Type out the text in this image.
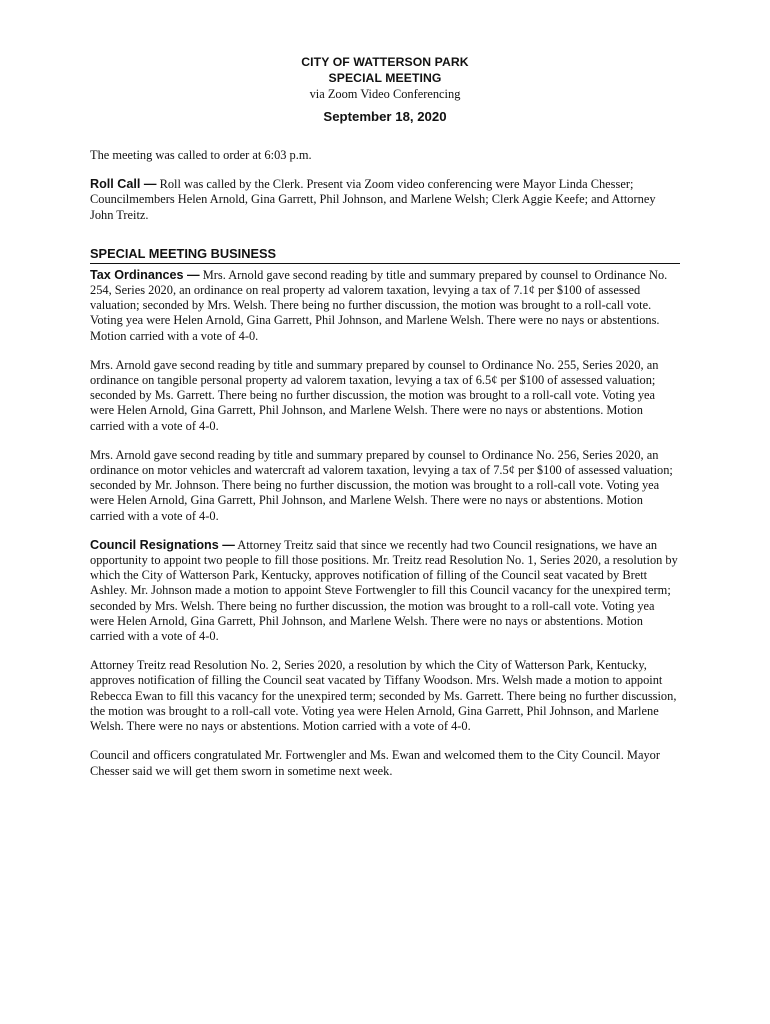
CITY OF WATTERSON PARK
SPECIAL MEETING
via Zoom Video Conferencing
September 18, 2020

The meeting was called to order at 6:03 p.m.

Roll Call — Roll was called by the Clerk. Present via Zoom video conferencing were Mayor Linda Chesser; Councilmembers Helen Arnold, Gina Garrett, Phil Johnson, and Marlene Welsh; Clerk Aggie Keefe; and Attorney John Treitz.

SPECIAL MEETING BUSINESS

Tax Ordinances — Mrs. Arnold gave second reading by title and summary prepared by counsel to Ordinance No. 254, Series 2020, an ordinance on real property ad valorem taxation, levying a tax of 7.1¢ per $100 of assessed valuation; seconded by Mrs. Welsh. There being no further discussion, the motion was brought to a roll-call vote. Voting yea were Helen Arnold, Gina Garrett, Phil Johnson, and Marlene Welsh. There were no nays or abstentions. Motion carried with a vote of 4-0.

Mrs. Arnold gave second reading by title and summary prepared by counsel to Ordinance No. 255, Series 2020, an ordinance on tangible personal property ad valorem taxation, levying a tax of 6.5¢ per $100 of assessed valuation; seconded by Ms. Garrett. There being no further discussion, the motion was brought to a roll-call vote. Voting yea were Helen Arnold, Gina Garrett, Phil Johnson, and Marlene Welsh. There were no nays or abstentions. Motion carried with a vote of 4-0.

Mrs. Arnold gave second reading by title and summary prepared by counsel to Ordinance No. 256, Series 2020, an ordinance on motor vehicles and watercraft ad valorem taxation, levying a tax of 7.5¢ per $100 of assessed valuation; seconded by Mr. Johnson. There being no further discussion, the motion was brought to a roll-call vote. Voting yea were Helen Arnold, Gina Garrett, Phil Johnson, and Marlene Welsh. There were no nays or abstentions. Motion carried with a vote of 4-0.

Council Resignations — Attorney Treitz said that since we recently had two Council resignations, we have an opportunity to appoint two people to fill those positions. Mr. Treitz read Resolution No. 1, Series 2020, a resolution by which the City of Watterson Park, Kentucky, approves notification of filling of the Council seat vacated by Brett Ashley. Mr. Johnson made a motion to appoint Steve Fortwengler to fill this Council vacancy for the unexpired term; seconded by Mrs. Welsh. There being no further discussion, the motion was brought to a roll-call vote. Voting yea were Helen Arnold, Gina Garrett, Phil Johnson, and Marlene Welsh. There were no nays or abstentions. Motion carried with a vote of 4-0.

Attorney Treitz read Resolution No. 2, Series 2020, a resolution by which the City of Watterson Park, Kentucky, approves notification of filling the Council seat vacated by Tiffany Woodson. Mrs. Welsh made a motion to appoint Rebecca Ewan to fill this vacancy for the unexpired term; seconded by Ms. Garrett. There being no further discussion, the motion was brought to a roll-call vote. Voting yea were Helen Arnold, Gina Garrett, Phil Johnson, and Marlene Welsh. There were no nays or abstentions. Motion carried with a vote of 4-0.

Council and officers congratulated Mr. Fortwengler and Ms. Ewan and welcomed them to the City Council. Mayor Chesser said we will get them sworn in sometime next week.
